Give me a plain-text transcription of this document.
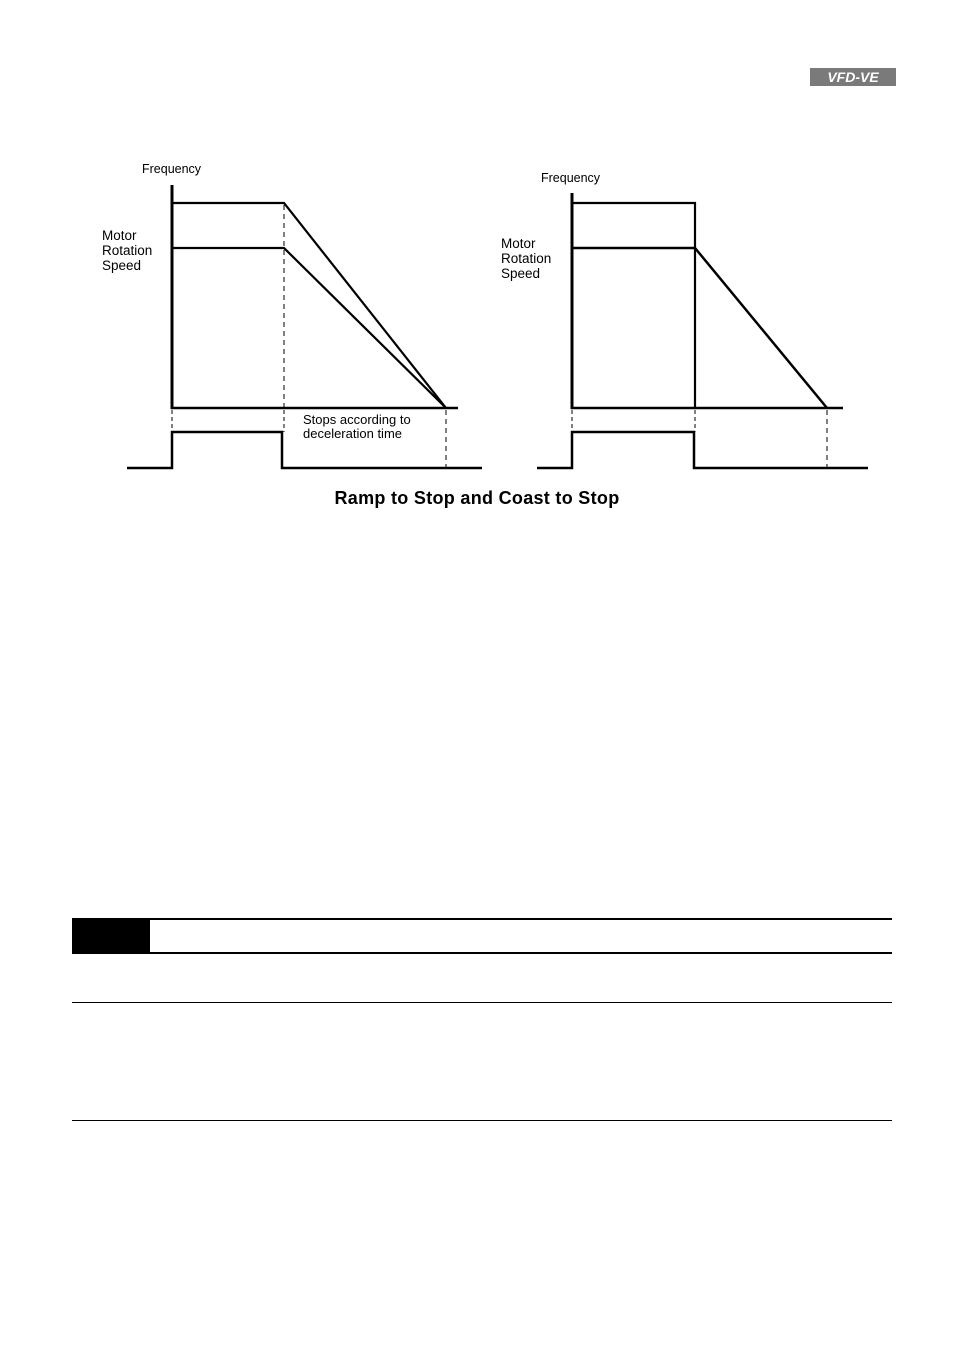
VFD-VE
Frequency
Motor
Rotation
Speed
Stops according to
deceleration time
Frequency
Motor
Rotation
Speed
Ramp to Stop and Coast to Stop
